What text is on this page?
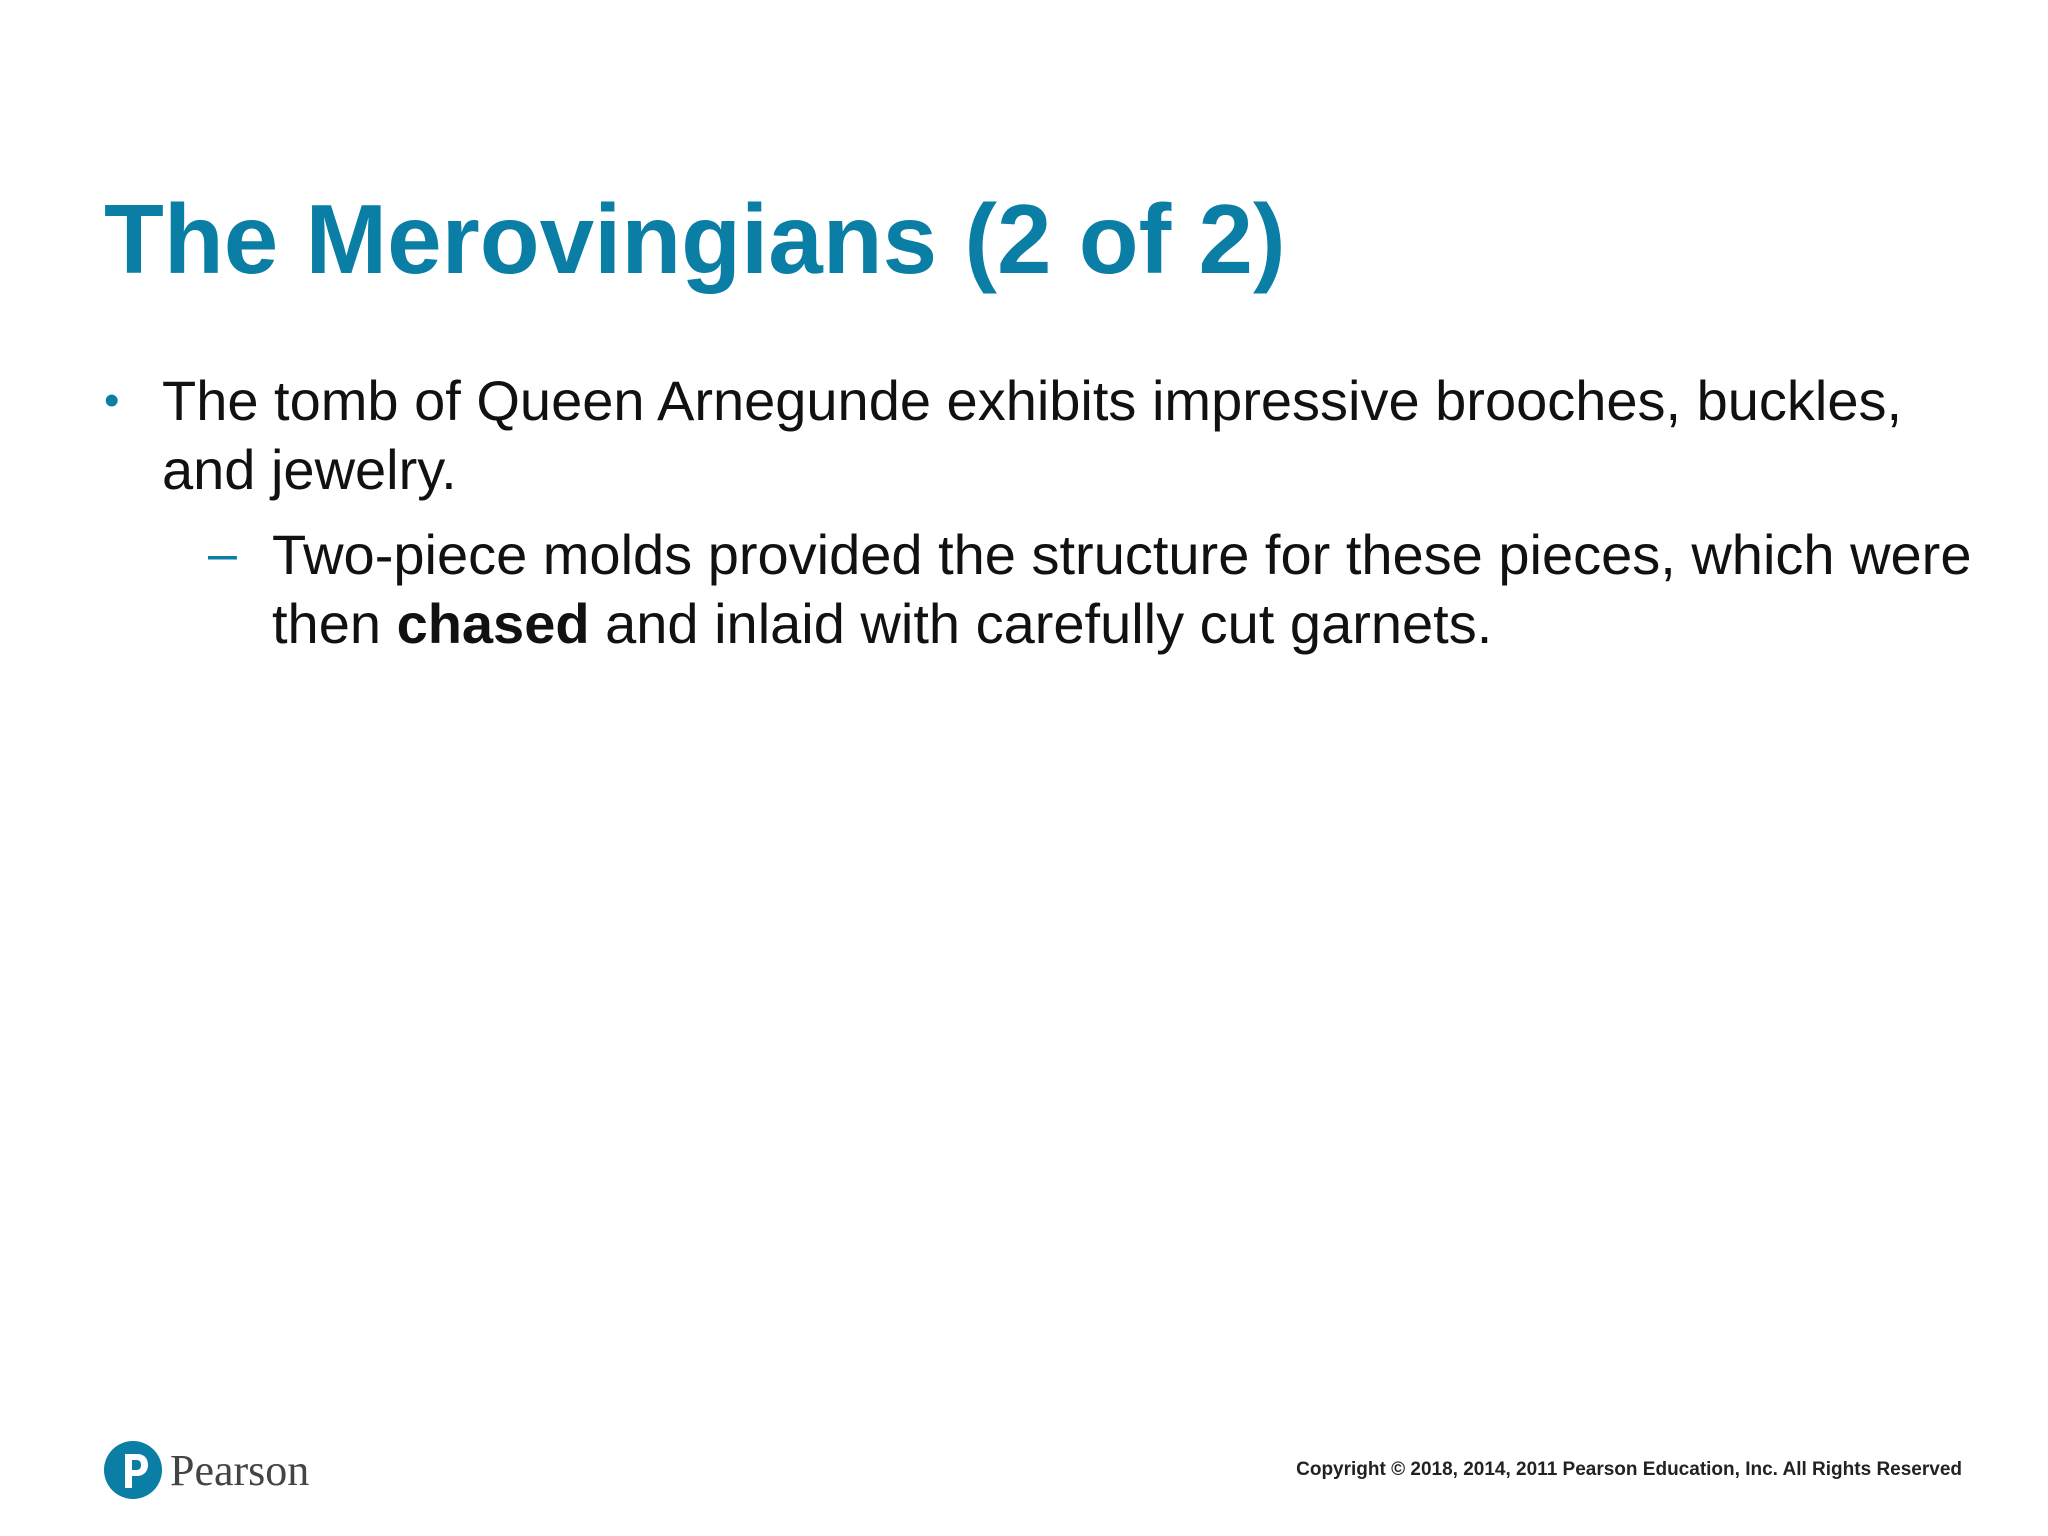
The Merovingians (2 of 2)

• The tomb of Queen Arnegunde exhibits impressive brooches, buckles, and jewelry.

– Two-piece molds provided the structure for these pieces, which were then chased and inlaid with carefully cut garnets.

Pearson	Copyright © 2018, 2014, 2011 Pearson Education, Inc. All Rights Reserved
